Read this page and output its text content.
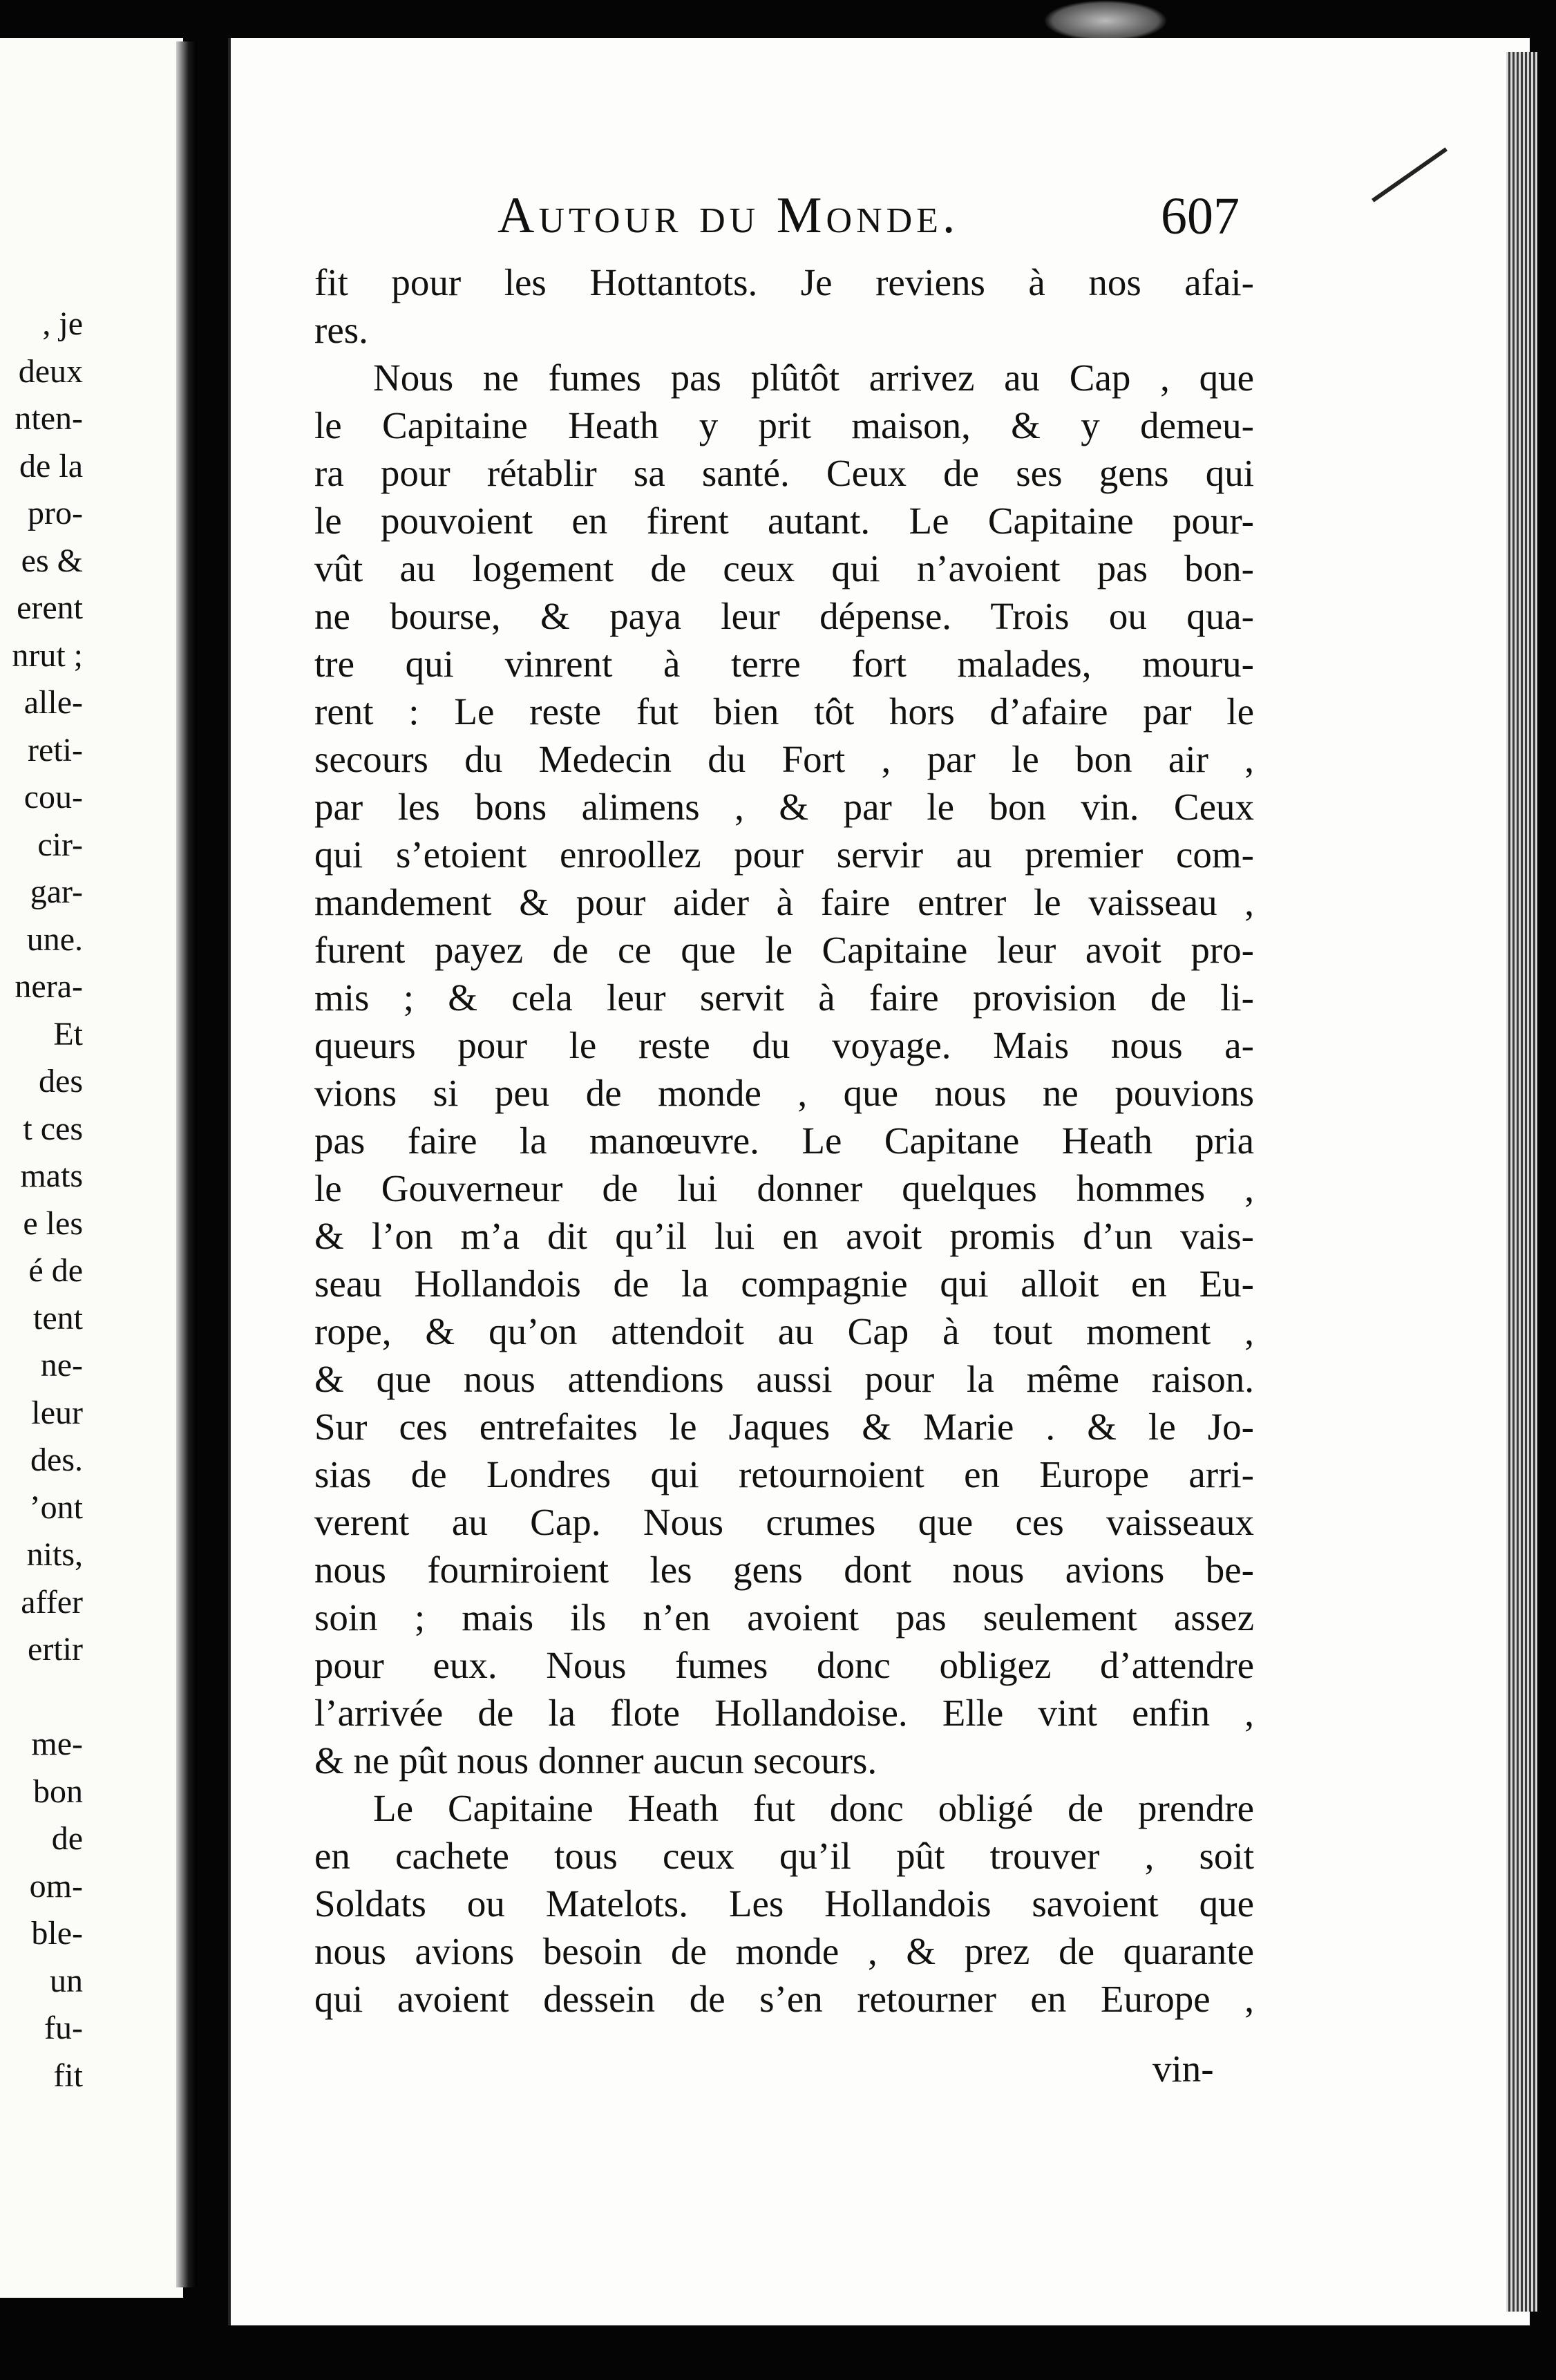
, je
deux
nten-
de la
pro-
es &
erent
nrut ;
alle-
reti-
cou-
cir-
gar-
une.
nera-
Et
des
t ces
mats
e les
é de
tent
ne-
leur
des.
’ont
nits,
affer
ertir
me-
bon
de
om-
ble-
un
fu-
fit
Autour du Monde.	607
fit pour les Hottantots. Je reviens à nos afai-
res.
Nous ne fumes pas plûtôt arrivez au Cap , que
le Capitaine Heath y prit maison, & y demeu-
ra pour rétablir sa santé. Ceux de ses gens qui
le pouvoient en firent autant. Le Capitaine pour-
vût au logement de ceux qui n’avoient pas bon-
ne bourse, & paya leur dépense. Trois ou qua-
tre qui vinrent à terre fort malades, mouru-
rent : Le reste fut bien tôt hors d’afaire par le
secours du Medecin du Fort , par le bon air ,
par les bons alimens , & par le bon vin. Ceux
qui s’etoient enroollez pour servir au premier com-
mandement & pour aider à faire entrer le vaisseau ,
furent payez de ce que le Capitaine leur avoit pro-
mis ; & cela leur servit à faire provision de li-
queurs pour le reste du voyage. Mais nous a-
vions si peu de monde , que nous ne pouvions
pas faire la manœuvre. Le Capitane Heath pria
le Gouverneur de lui donner quelques hommes ,
& l’on m’a dit qu’il lui en avoit promis d’un vais-
seau Hollandois de la compagnie qui alloit en Eu-
rope, & qu’on attendoit au Cap à tout moment ,
& que nous attendions aussi pour la même raison.
Sur ces entrefaites le Jaques & Marie . & le Jo-
sias de Londres qui retournoient en Europe arri-
verent au Cap. Nous crumes que ces vaisseaux
nous fourniroient les gens dont nous avions be-
soin ; mais ils n’en avoient pas seulement assez
pour eux. Nous fumes donc obligez d’attendre
l’arrivée de la flote Hollandoise. Elle vint enfin ,
& ne pût nous donner aucun secours.
Le Capitaine Heath fut donc obligé de prendre
en cachete tous ceux qu’il pût trouver , soit
Soldats ou Matelots. Les Hollandois savoient que
nous avions besoin de monde , & prez de quarante
qui avoient dessein de s’en retourner en Europe ,
vin-
